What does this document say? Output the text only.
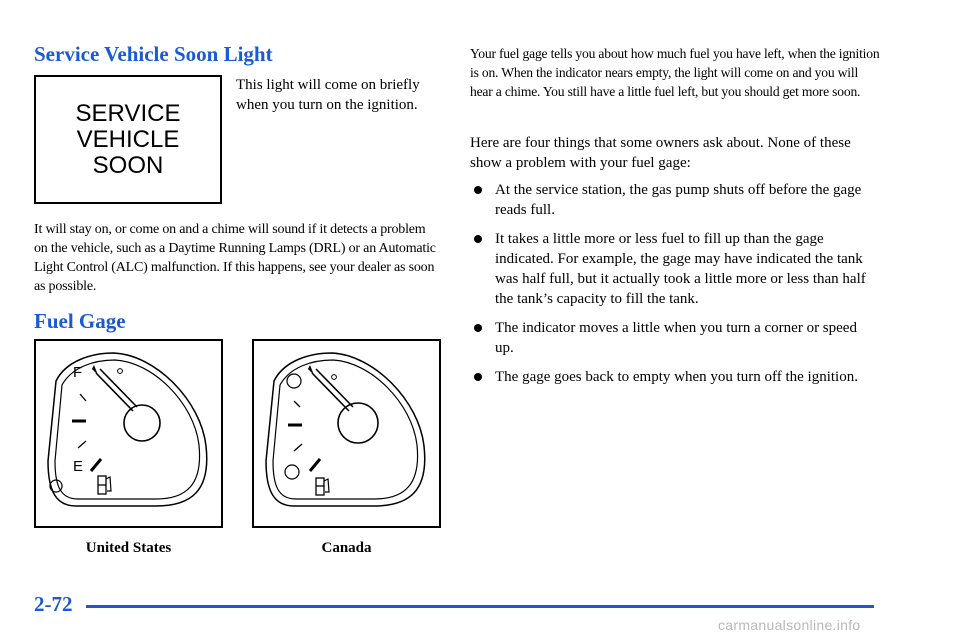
Service Vehicle Soon Light
SERVICE
VEHICLE
SOON
This light will come on briefly when you turn on the ignition.
It will stay on, or come on and a chime will sound if it detects a problem on the vehicle, such as a Daytime Running Lamps (DRL) or an Automatic Light Control (ALC) malfunction. If this happens, see your dealer as soon as possible.
Fuel Gage
F
E
United States	Canada
Your fuel gage tells you about how much fuel you have left, when the ignition is on. When the indicator nears empty, the light will come on and you will hear a chime. You still have a little fuel left, but you should get more soon.
Here are four things that some owners ask about. None of these show a problem with your fuel gage:
At the service station, the gas pump shuts off before the gage reads full.
It takes a little more or less fuel to fill up than the gage indicated. For example, the gage may have indicated the tank was half full, but it actually took a little more or less than half the tank’s capacity to fill the tank.
The indicator moves a little when you turn a corner or speed up.
The gage goes back to empty when you turn off the ignition.
2-72
carmanualsonline.info
